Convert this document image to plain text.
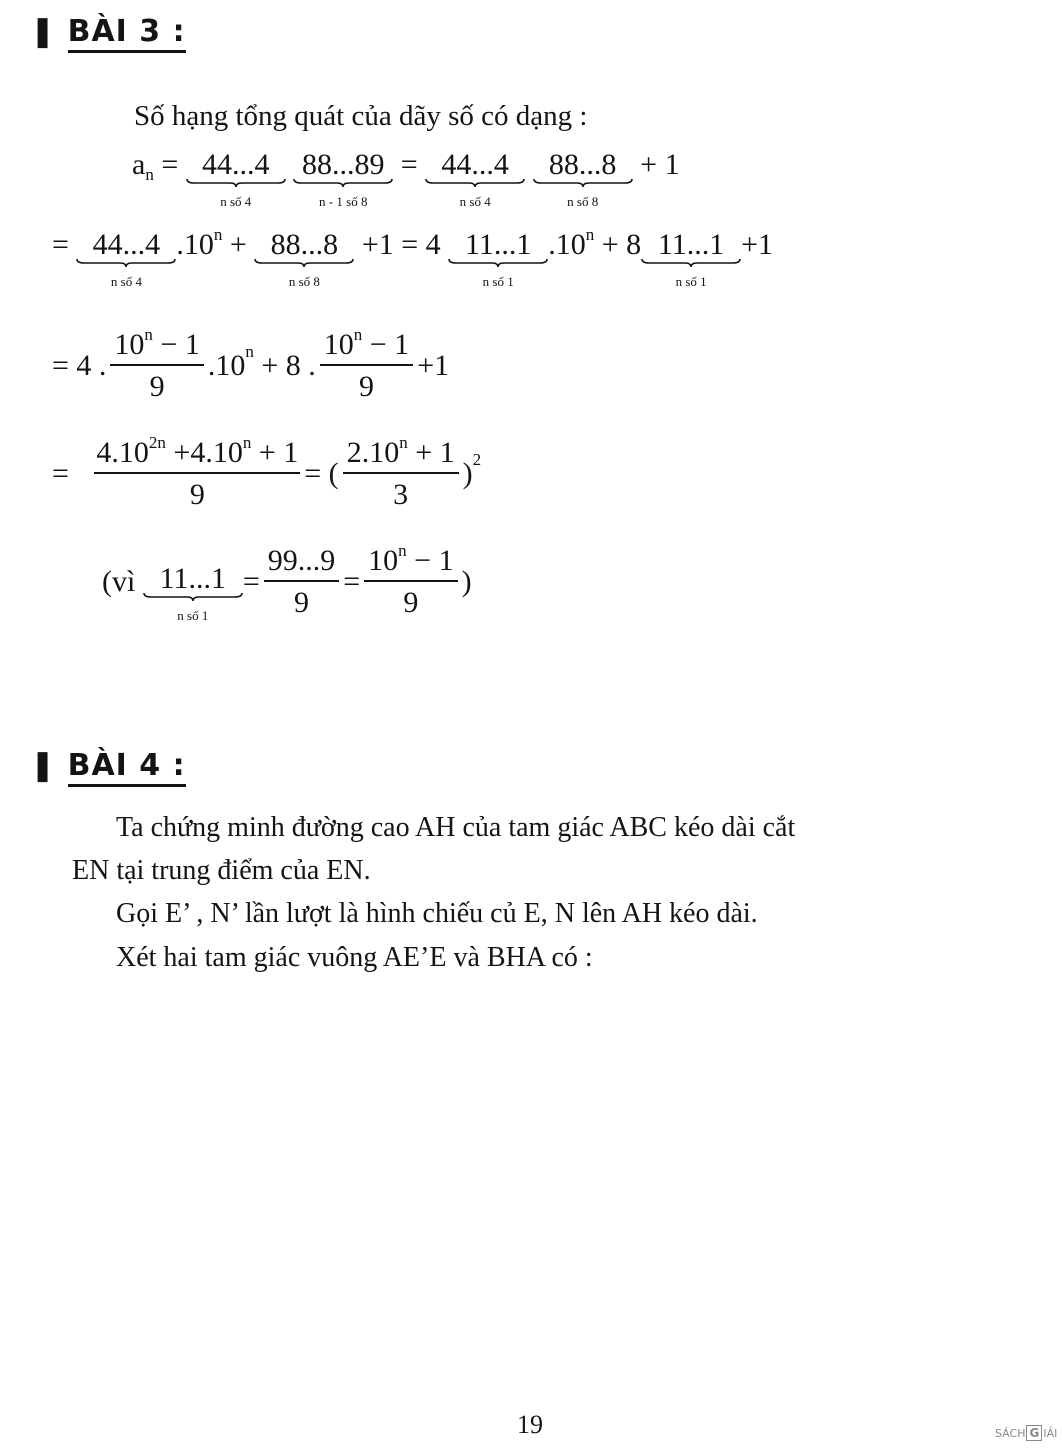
❚ BÀI 3 :
Số hạng tổng quát của dãy số có dạng :
$a_n = 44...4$
n số 4
88...89
n - 1 số 8
= 44...4
n số 4
88...8
n số 8
+ 1
= 44...4
n số 4
$.10^n + 88...8$
n số 8
+1 = 4 11...1
n số 1
$.10^n + 8$ 11...1
n số 1
+1
= 4 . $\frac{10^n - 1}{9} .10^n + 8$ . $\frac{10^n - 1}{9} +1$
= $\frac{4.10^{2n} +4.10^n + 1}{9}$ = ( $\frac{2.10^n + 1}{3} )^2$
(vì 11...1
n số 1
= $\frac{99...9}{9} = \frac{10^n - 1}{9}$ )
❚ BÀI 4 :
Ta chứng minh đường cao AH của tam giác ABC kéo dài cắt
EN tại trung điểm của EN.
Gọi E’ , N’ lần lượt là hình chiếu củ E, N lên AH kéo dài.
Xét hai tam giác vuông AE’E và BHA có :
19	SÁCH G IẢI
